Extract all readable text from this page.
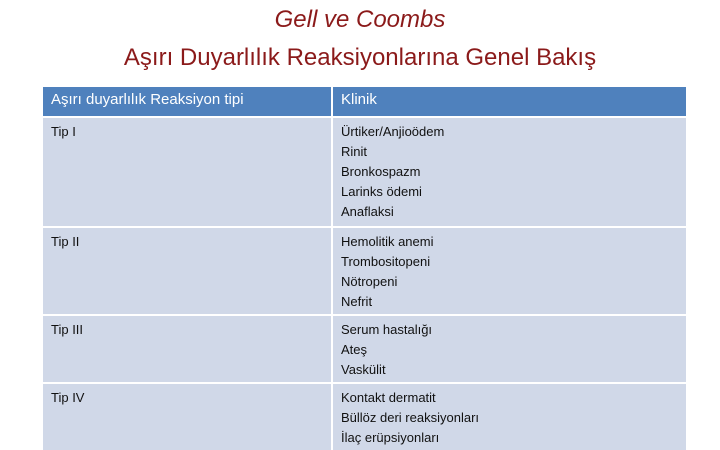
Gell ve Coombs
Aşırı Duyarlılık Reaksiyonlarına Genel Bakış
Aşırı duyarlılık Reaksiyon tipi	Klinik
Tip I	Ürtiker/Anjioödem
Rinit
Bronkospazm
Larinks ödemi
Anaflaksi
Tip II	Hemolitik anemi
Trombositopeni
Nötropeni
Nefrit
Tip III	Serum hastalığı
Ateş
Vaskülit
Tip IV	Kontakt dermatit
Büllöz deri reaksiyonları
İlaç erüpsiyonları
